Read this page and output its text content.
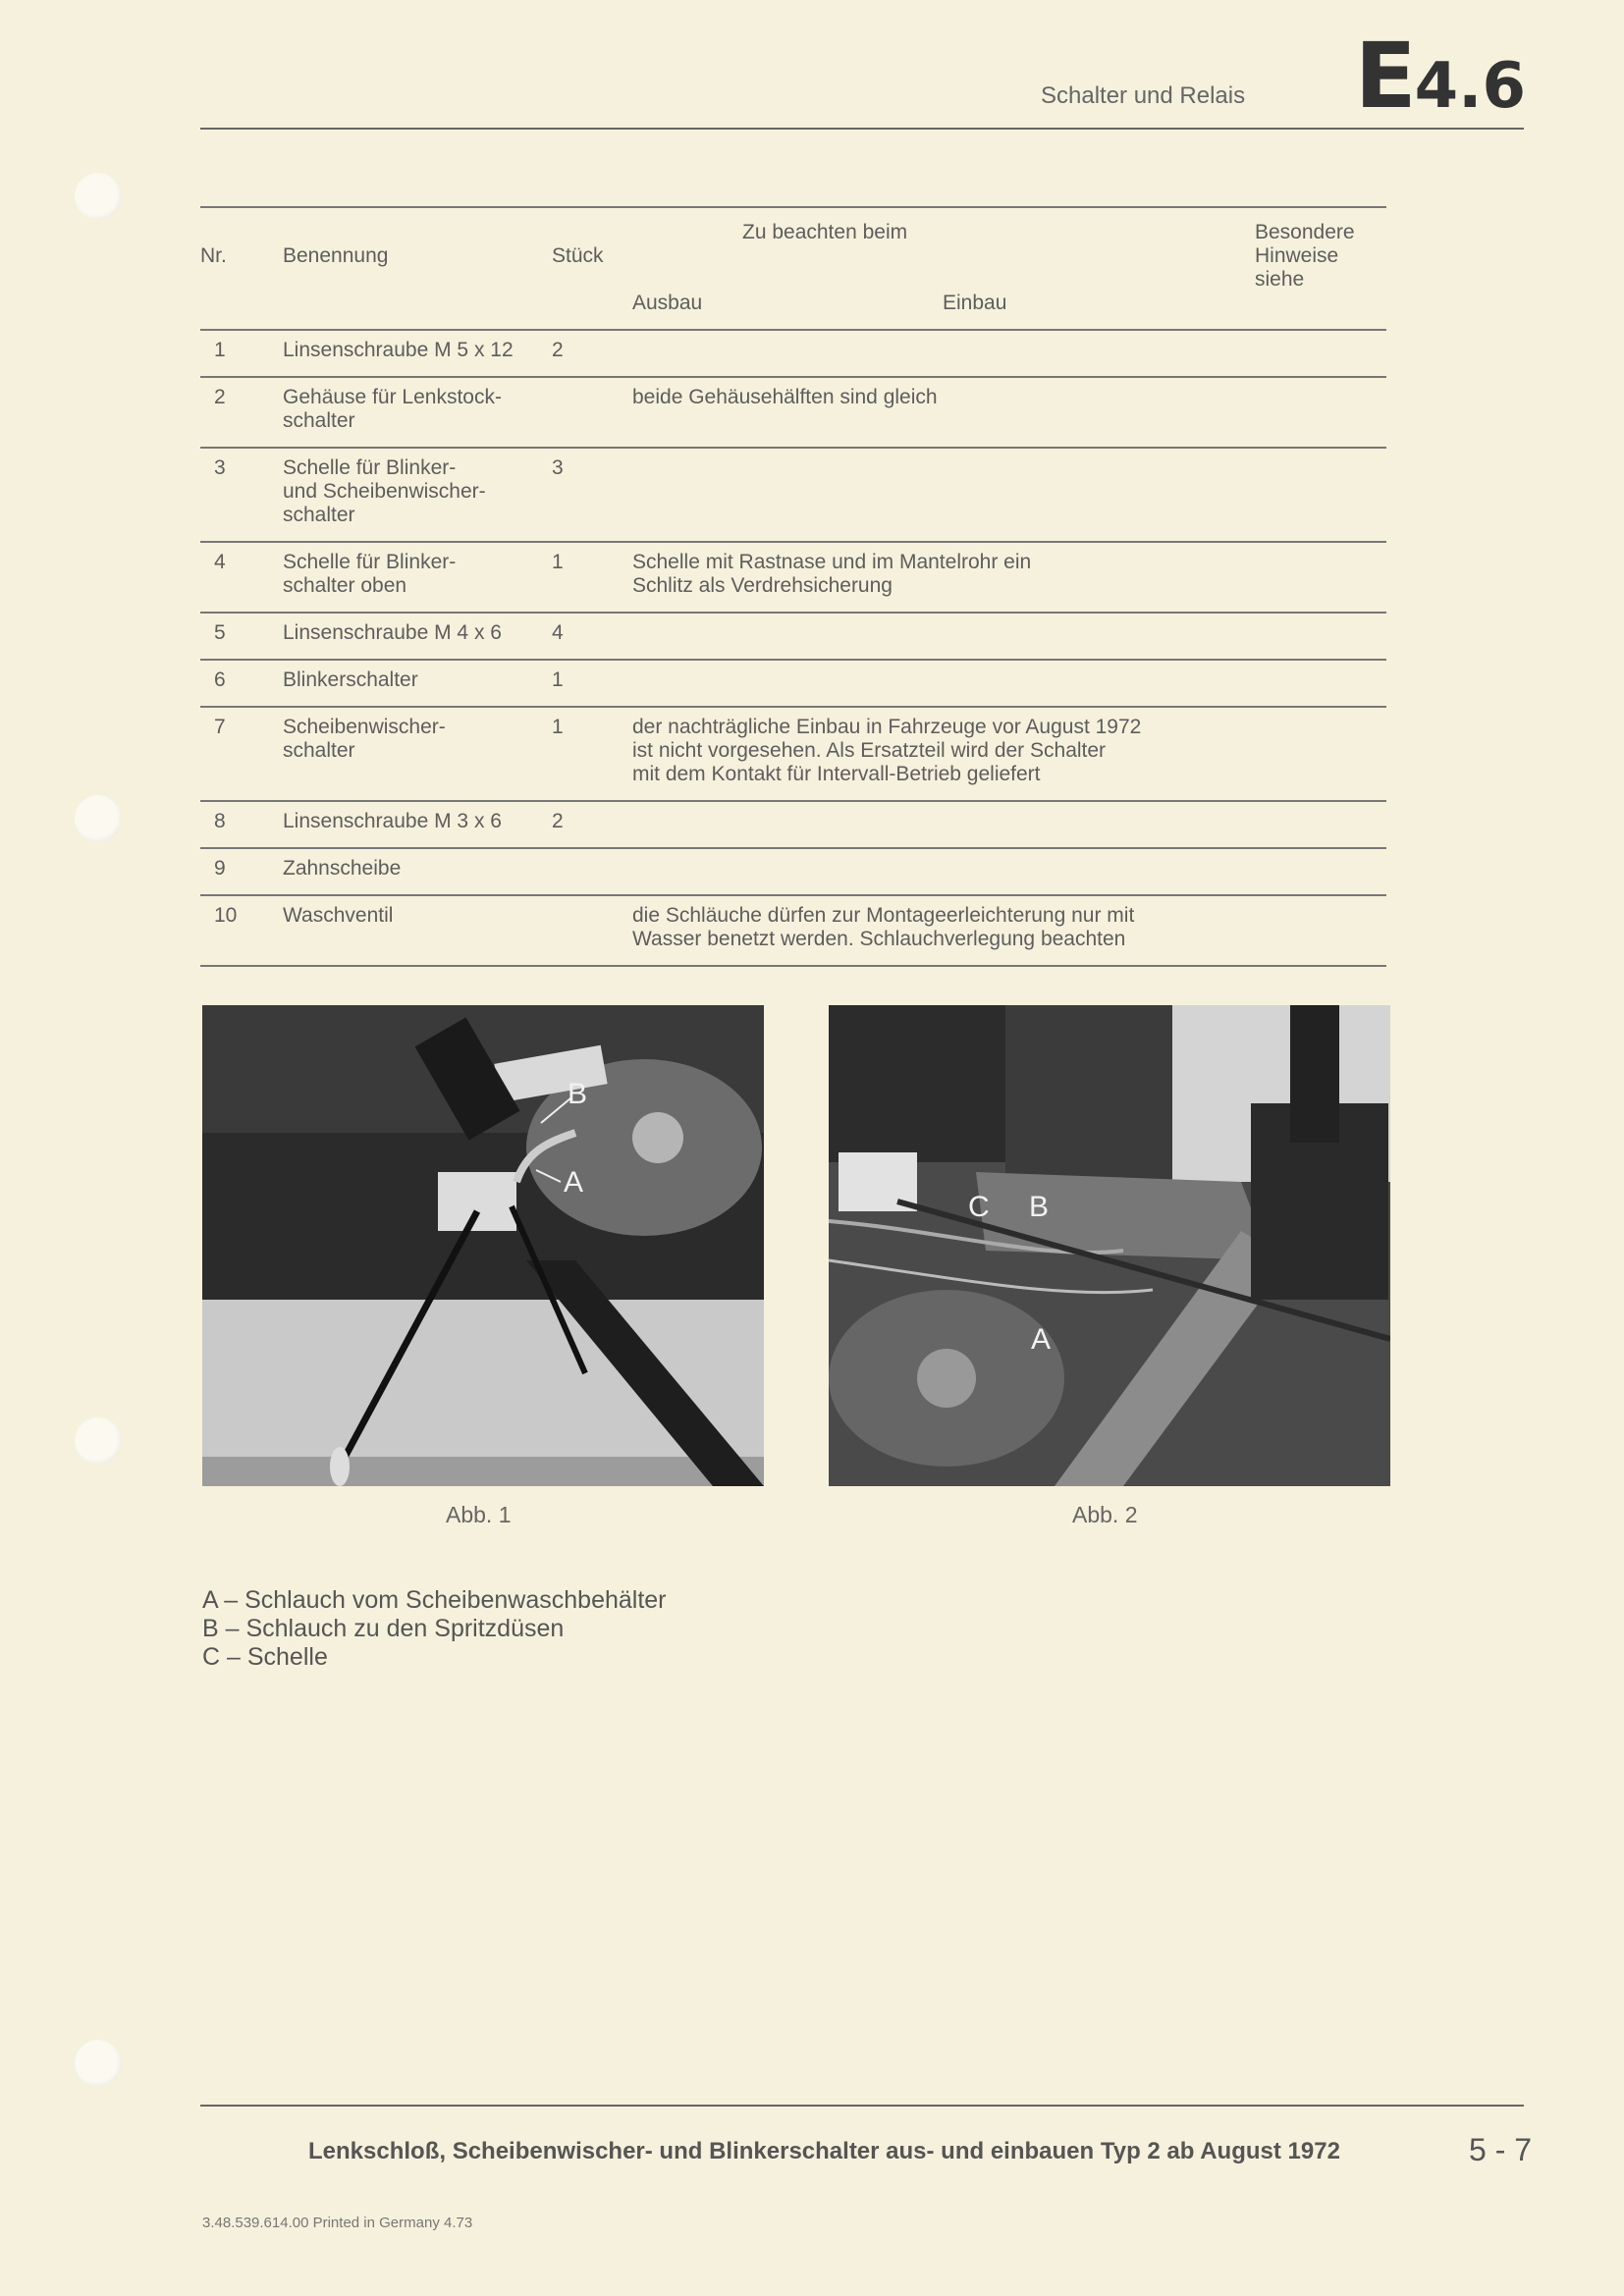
Schalter und Relais E4.6
Nr.	Benennung	Stück	Zu beachten beim		Besondere
Hinweise
siehe
			Ausbau	Einbau	
1	Linsenschraube M 5 x 12	2			
2	Gehäuse für Lenkstock-
schalter		beide Gehäusehälften sind gleich		
3	Schelle für Blinker-
und Scheibenwischer-
schalter	3			
4	Schelle für Blinker-
schalter oben	1	Schelle mit Rastnase und im Mantelrohr ein
Schlitz als Verdrehsicherung		
5	Linsenschraube M 4 x 6	4			
6	Blinkerschalter	1			
7	Scheibenwischer-
schalter	1	der nachträgliche Einbau in Fahrzeuge vor August 1972
ist nicht vorgesehen. Als Ersatzteil wird der Schalter
mit dem Kontakt für Intervall-Betrieb geliefert		
8	Linsenschraube M 3 x 6	2			
9	Zahnscheibe				
10	Waschventil		die Schläuche dürfen zur Montageerleichterung nur mit
Wasser benetzt werden. Schlauchverlegung beachten		
B
A
Abb. 1
C B
A
Abb. 2
A – Schlauch vom Scheibenwaschbehälter
B – Schlauch zu den Spritzdüsen
C – Schelle
Lenkschloß, Scheibenwischer- und Blinkerschalter aus- und einbauen Typ 2 ab August 1972	5 - 7
3.48.539.614.00 Printed in Germany 4.73
